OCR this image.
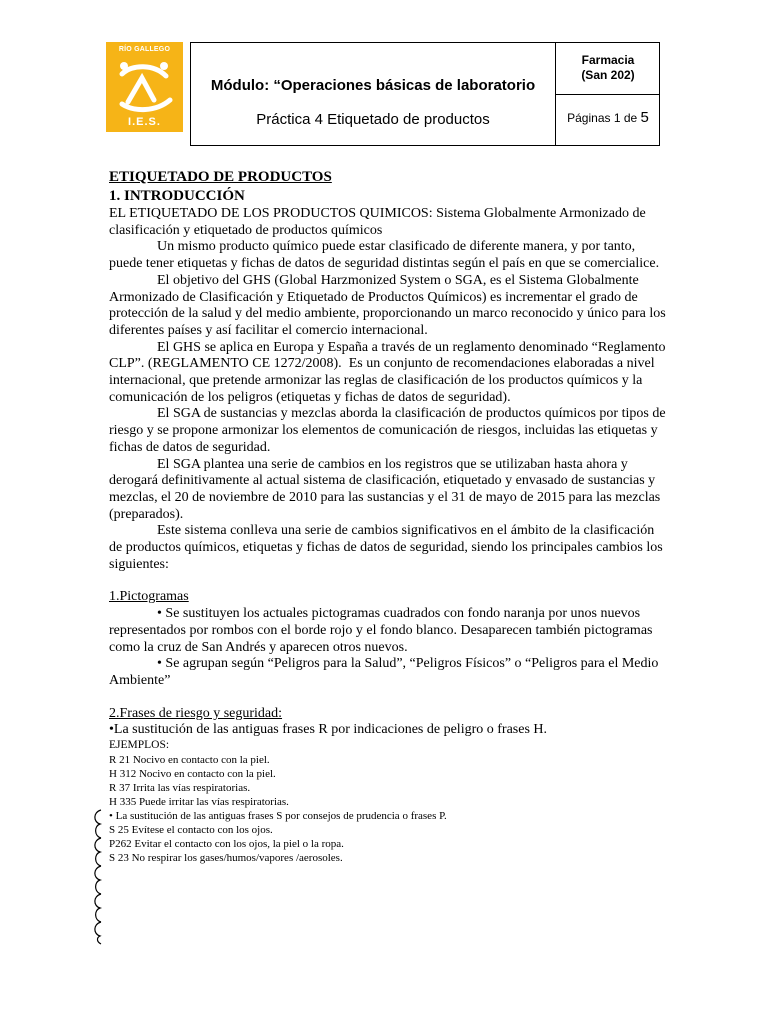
RÍO GALLEGO
I.E.S.
Módulo: “Operaciones básicas de laboratorio
Práctica 4 Etiquetado de productos
Farmacia
(San 202)
Páginas 1 de 5

ETIQUETADO DE PRODUCTOS

1. INTRODUCCIÓN

EL ETIQUETADO DE LOS PRODUCTOS QUIMICOS: Sistema Globalmente Armonizado de clasificación y etiquetado de productos químicos

Un mismo producto químico puede estar clasificado de diferente manera, y por tanto, puede tener etiquetas y fichas de datos de seguridad distintas según el país en que se comercialice.

El objetivo del GHS (Global Harzmonized System o SGA, es el Sistema Globalmente Armonizado de Clasificación y Etiquetado de Productos Químicos) es incrementar el grado de protección de la salud y del medio ambiente, proporcionando un marco reconocido y único para los diferentes países y así facilitar el comercio internacional.

El GHS se aplica en Europa y España a través de un reglamento denominado “Reglamento CLP”. (REGLAMENTO CE 1272/2008). Es un conjunto de recomendaciones elaboradas a nivel internacional, que pretende armonizar las reglas de clasificación de los productos químicos y la comunicación de los peligros (etiquetas y fichas de datos de seguridad).

El SGA de sustancias y mezclas aborda la clasificación de productos químicos por tipos de riesgo y se propone armonizar los elementos de comunicación de riesgos, incluidas las etiquetas y fichas de datos de seguridad.

El SGA plantea una serie de cambios en los registros que se utilizaban hasta ahora y derogará definitivamente al actual sistema de clasificación, etiquetado y envasado de sustancias y mezclas, el 20 de noviembre de 2010 para las sustancias y el 31 de mayo de 2015 para las mezclas (preparados).

Este sistema conlleva una serie de cambios significativos en el ámbito de la clasificación de productos químicos, etiquetas y fichas de datos de seguridad, siendo los principales cambios los siguientes:

1.Pictogramas

• Se sustituyen los actuales pictogramas cuadrados con fondo naranja por unos nuevos representados por rombos con el borde rojo y el fondo blanco. Desaparecen también pictogramas como la cruz de San Andrés y aparecen otros nuevos.

• Se agrupan según “Peligros para la Salud”, “Peligros Físicos” o “Peligros para el Medio Ambiente”

2.Frases de riesgo y seguridad:

•La sustitución de las antiguas frases R por indicaciones de peligro o frases H.

EJEMPLOS:

R 21 Nocivo en contacto con la piel.
H 312 Nocivo en contacto con la piel.
R 37 Irrita las vías respiratorias.
H 335 Puede irritar las vías respiratorias.

• La sustitución de las antiguas frases S por consejos de prudencia o frases P.

S 25 Evítese el contacto con los ojos.
P262 Evitar el contacto con los ojos, la piel o la ropa.
S 23 No respirar los gases/humos/vapores /aerosoles.
